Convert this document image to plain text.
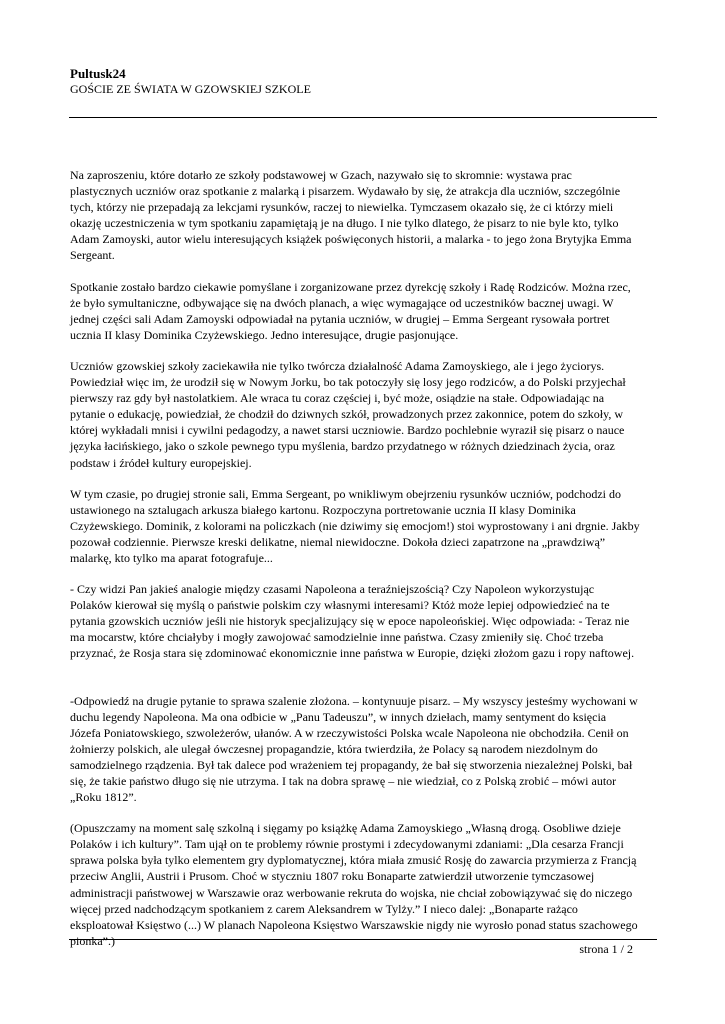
Pultusk24

GOŚCIE ZE ŚWIATA W GZOWSKIEJ SZKOLE

Na zaproszeniu, które dotarło ze szkoły podstawowej w Gzach, nazywało się to skromnie: wystawa prac
plastycznych uczniów oraz spotkanie z malarką i pisarzem. Wydawało by się, że atrakcja dla uczniów, szczególnie
tych, którzy nie przepadają za lekcjami rysunków, raczej to niewielka. Tymczasem okazało się, że ci którzy mieli
okazję uczestniczenia w tym spotkaniu zapamiętają je na długo. I nie tylko dlatego, że pisarz to nie byle kto, tylko
Adam Zamoyski, autor wielu interesujących książek poświęconych historii, a malarka - to jego żona Brytyjka Emma
Sergeant.

Spotkanie zostało bardzo ciekawie pomyślane i zorganizowane przez dyrekcję szkoły i Radę Rodziców. Można rzec,
że było symultaniczne, odbywające się na dwóch planach, a więc wymagające od uczestników bacznej uwagi. W
jednej części sali Adam Zamoyski odpowiadał na pytania uczniów, w drugiej – Emma Sergeant rysowała portret
ucznia II klasy Dominika Czyżewskiego. Jedno interesujące, drugie pasjonujące.

Uczniów gzowskiej szkoły zaciekawiła nie tylko twórcza działalność Adama Zamoyskiego, ale i jego życiorys.
Powiedział więc im, że urodził się w Nowym Jorku, bo tak potoczyły się losy jego rodziców, a do Polski przyjechał
pierwszy raz gdy był nastolatkiem. Ale wraca tu coraz częściej i, być może, osiądzie na stałe. Odpowiadając na
pytanie o edukację, powiedział, że chodził do dziwnych szkół, prowadzonych przez zakonnice, potem do szkoły, w
której wykładali mnisi i cywilni pedagodzy, a nawet starsi uczniowie. Bardzo pochlebnie wyraził się pisarz o nauce
języka łacińskiego, jako o szkole pewnego typu myślenia, bardzo przydatnego w różnych dziedzinach życia, oraz
podstaw i źródeł kultury europejskiej.

W tym czasie, po drugiej stronie sali, Emma Sergeant, po wnikliwym obejrzeniu rysunków uczniów, podchodzi do
ustawionego na sztalugach arkusza białego kartonu. Rozpoczyna portretowanie ucznia II klasy Dominika
Czyżewskiego. Dominik, z kolorami na policzkach (nie dziwimy się emocjom!) stoi wyprostowany i ani drgnie. Jakby
pozował codziennie. Pierwsze kreski delikatne, niemal niewidoczne. Dokoła dzieci zapatrzone na „prawdziwą”
malarkę, kto tylko ma aparat fotografuje...

- Czy widzi Pan jakieś analogie między czasami Napoleona a teraźniejszością? Czy Napoleon wykorzystując
Polaków kierował się myślą o państwie polskim czy własnymi interesami? Któż może lepiej odpowiedzieć na te
pytania gzowskich uczniów jeśli nie historyk specjalizujący się w epoce napoleońskiej. Więc odpowiada: - Teraz nie
ma mocarstw, które chciałyby i mogły zawojować samodzielnie inne państwa. Czasy zmieniły się. Choć trzeba
przyznać, że Rosja stara się zdominować ekonomicznie inne państwa w Europie, dzięki złożom gazu i ropy naftowej.

-Odpowiedź na drugie pytanie to sprawa szalenie złożona. – kontynuuje pisarz. – My wszyscy jesteśmy wychowani w
duchu legendy Napoleona. Ma ona odbicie w „Panu Tadeuszu”, w innych dziełach, mamy sentyment do księcia
Józefa Poniatowskiego, szwoleżerów, ułanów. A w rzeczywistości Polska wcale Napoleona nie obchodziła. Cenił on
żołnierzy polskich, ale ulegał ówczesnej propagandzie, która twierdziła, że Polacy są narodem niezdolnym do
samodzielnego rządzenia. Był tak dalece pod wrażeniem tej propagandy, że bał się stworzenia niezależnej Polski, bał
się, że takie państwo długo się nie utrzyma. I tak na dobra sprawę – nie wiedział, co z Polską zrobić – mówi autor
„Roku 1812”.

(Opuszczamy na moment salę szkolną i sięgamy po książkę Adama Zamoyskiego „Własną drogą. Osobliwe dzieje
Polaków i ich kultury”. Tam ujął on te problemy równie prostymi i zdecydowanymi zdaniami: „Dla cesarza Francji
sprawa polska była tylko elementem gry dyplomatycznej, która miała zmusić Rosję do zawarcia przymierza z Francją
przeciw Anglii, Austrii i Prusom. Choć w styczniu 1807 roku Bonaparte zatwierdził utworzenie tymczasowej
administracji państwowej w Warszawie oraz werbowanie rekruta do wojska, nie chciał zobowiązywać się do niczego
więcej przed nadchodzącym spotkaniem z carem Aleksandrem w Tylży.” I nieco dalej: „Bonaparte rażąco
eksploatował Księstwo (...) W planach Napoleona Księstwo Warszawskie nigdy nie wyrosło ponad status szachowego
pionka”.)

strona 1 / 2
